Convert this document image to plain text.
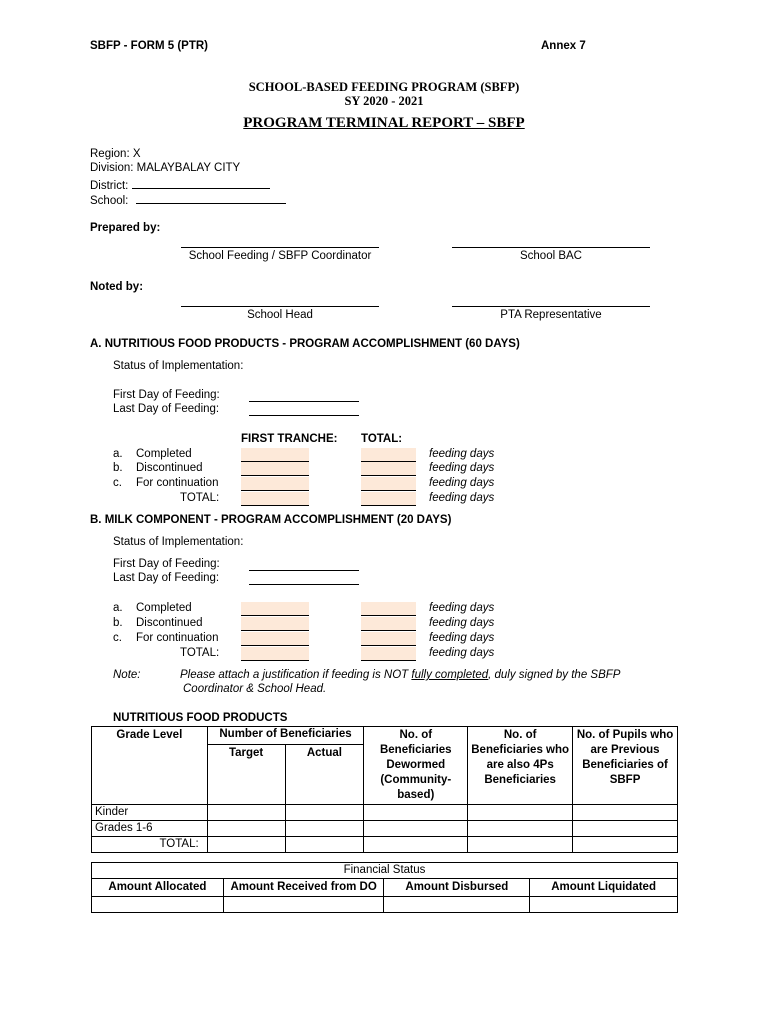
SBFP - FORM 5 (PTR)	Annex 7
SCHOOL-BASED FEEDING PROGRAM (SBFP)
SY 2020 - 2021
PROGRAM TERMINAL REPORT – SBFP
Region: X
Division: MALAYBALAY CITY
District:
School:
Prepared by:
School Feeding / SBFP Coordinator	School BAC
Noted by:
School Head	PTA Representative
A. NUTRITIOUS FOOD PRODUCTS - PROGRAM ACCOMPLISHMENT (60 DAYS)
Status of Implementation:
First Day of Feeding:
Last Day of Feeding:
FIRST TRANCHE: TOTAL:
a. Completed	feeding days
b. Discontinued	feeding days
c. For continuation	feeding days
TOTAL:	feeding days
B. MILK COMPONENT - PROGRAM ACCOMPLISHMENT (20 DAYS)
Status of Implementation:
First Day of Feeding:
Last Day of Feeding:
a. Completed	feeding days
b. Discontinued	feeding days
c. For continuation	feeding days
TOTAL:	feeding days
Note:	Please attach a justification if feeding is NOT fully completed, duly signed by the SBFP
Coordinator & School Head.
NUTRITIOUS FOOD PRODUCTS
Grade Level	Number of Beneficiaries		No. of Beneficiaries Dewormed (Community-based)	No. of Beneficiaries who are also 4Ps Beneficiaries	No. of Pupils who are Previous Beneficiaries of SBFP
	Target	Actual			
Kinder					
Grades 1-6					
TOTAL:					
Financial Status			
Amount Allocated	Amount Received from DO	Amount Disbursed	Amount Liquidated
